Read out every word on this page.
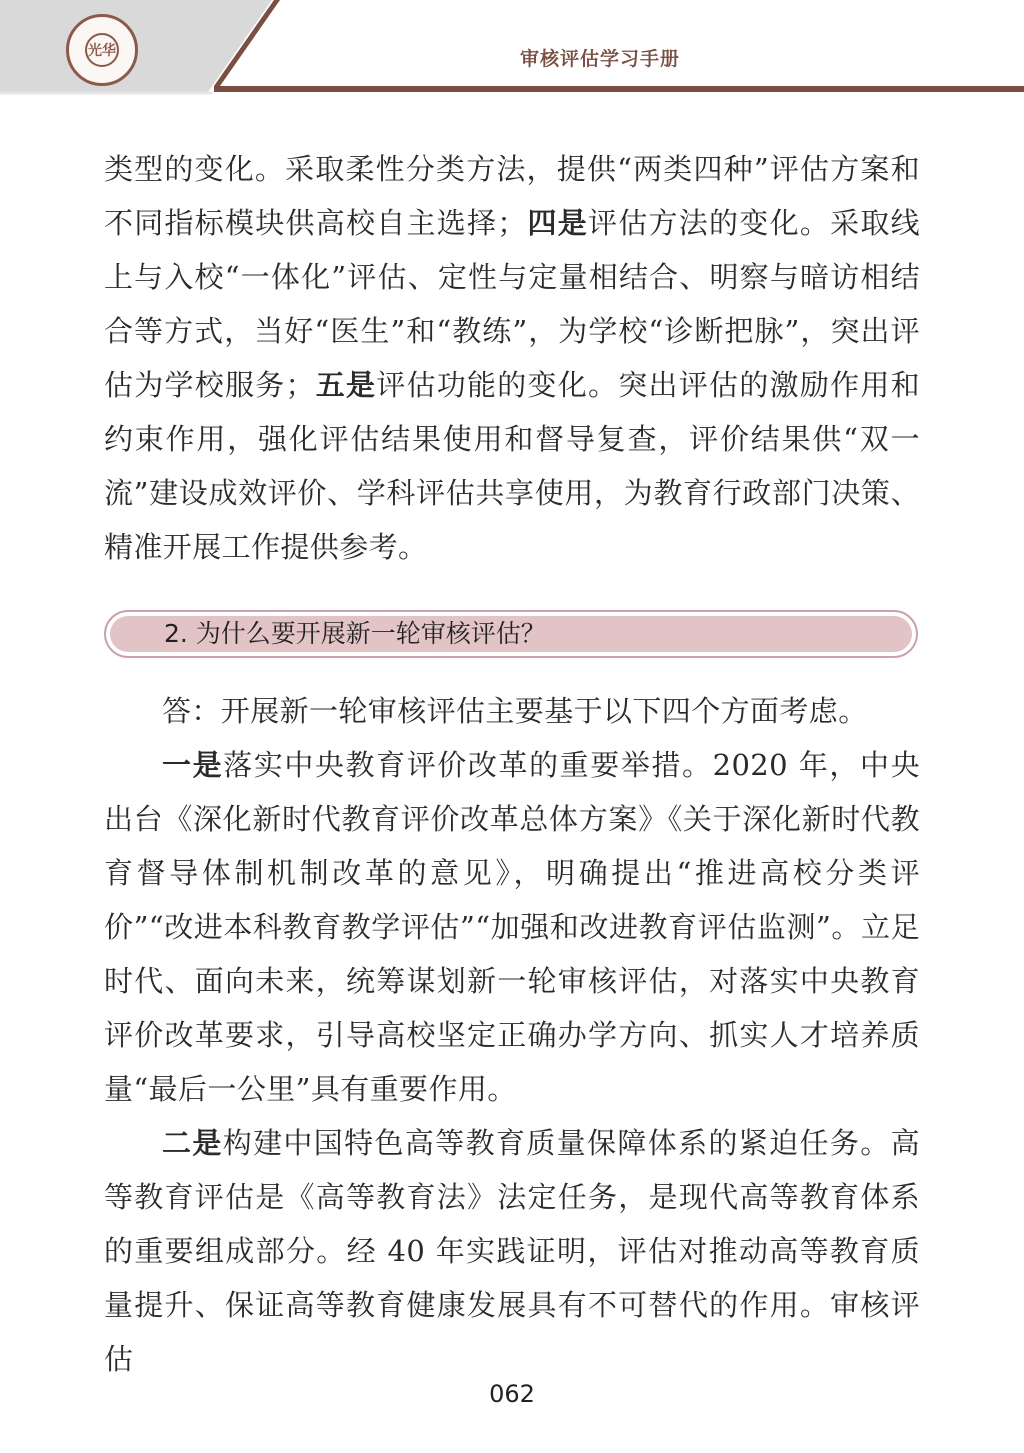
光华	审核评估学习手册

类型的变化。采取柔性分类方法，提供“两类四种”评估方案和不同指标模块供高校自主选择；四是评估方法的变化。采取线上与入校“一体化”评估、定性与定量相结合、明察与暗访相结合等方式，当好“医生”和“教练”，为学校“诊断把脉”，突出评估为学校服务；五是评估功能的变化。突出评估的激励作用和约束作用，强化评估结果使用和督导复查，评价结果供“双一流”建设成效评价、学科评估共享使用，为教育行政部门决策、精准开展工作提供参考。

2. 为什么要开展新一轮审核评估？

答：开展新一轮审核评估主要基于以下四个方面考虑。

一是落实中央教育评价改革的重要举措。2020 年，中央出台《深化新时代教育评价改革总体方案》《关于深化新时代教育督导体制机制改革的意见》，明确提出“推进高校分类评价”“改进本科教育教学评估”“加强和改进教育评估监测”。立足时代、面向未来，统筹谋划新一轮审核评估，对落实中央教育评价改革要求，引导高校坚定正确办学方向、抓实人才培养质量“最后一公里”具有重要作用。

二是构建中国特色高等教育质量保障体系的紧迫任务。高等教育评估是《高等教育法》法定任务，是现代高等教育体系的重要组成部分。经 40 年实践证明，评估对推动高等教育质量提升、保证高等教育健康发展具有不可替代的作用。审核评估

062
